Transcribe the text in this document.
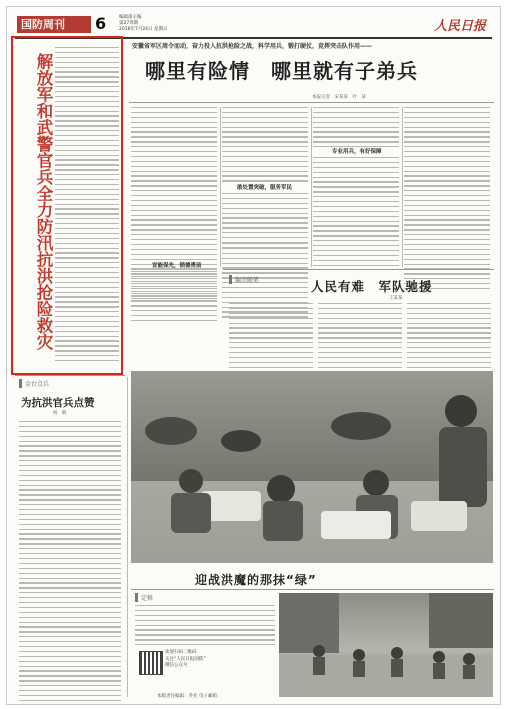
国防周刊	6	编辑部主编
第27周期
2016年7月24日 星期日	人民日报
解放军和武警官兵全力防汛抗洪抢险救灾
安徽省军区周令而动，奋力投入抗洪抢险之战，科学用兵，锻打硬仗，竞挥突击队作用——
哪里有险情　哪里就有子弟兵
本报记者　宋某某　叶　某
敢处置突破，服务军民
专业用兵，有好保障
宣能保先，锁德勇前
编余随笔	人民有难　军队驰援
王某某
金台点兵
为抗洪官兵点赞
杨　帆
迎战洪魔的那抹“绿”
定格
欢迎扫码二维码
关注“人民日报国防”
微信公众号
本版责任编辑：乔亚 电子邮箱：
